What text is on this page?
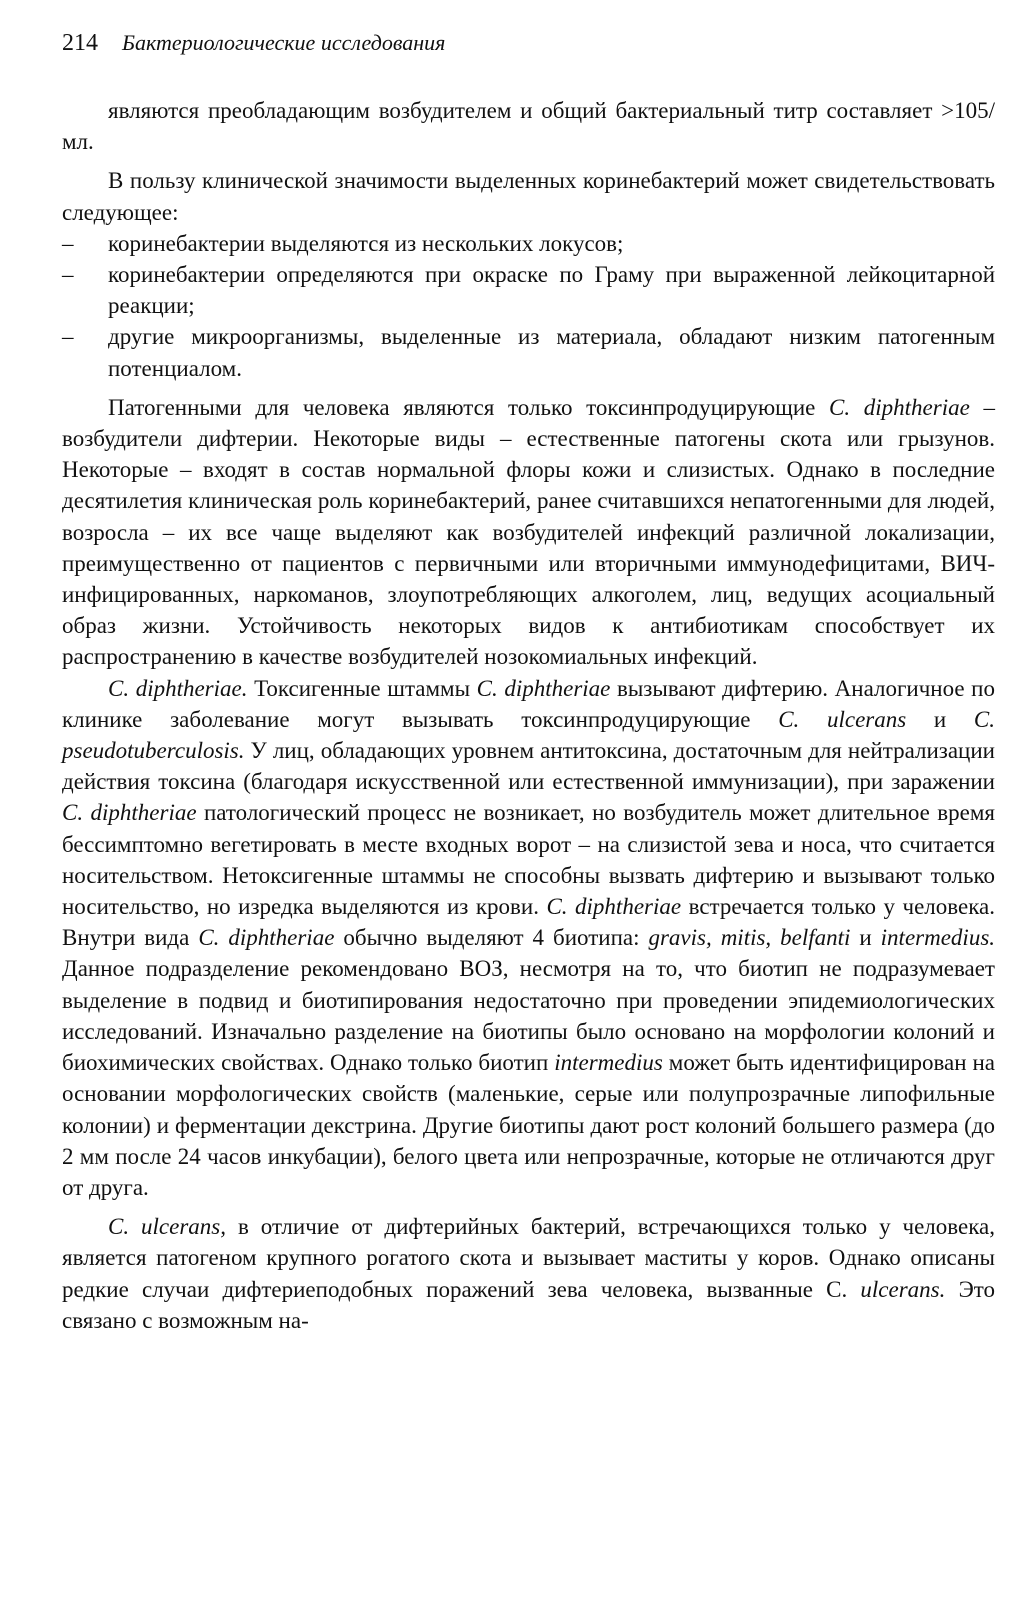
214 Бактериологические исследования

являются преобладающим возбудителем и общий бактериальный титр составляет >105/мл.

В пользу клинической значимости выделенных коринебактерий может свидетельствовать следующее:

– коринебактерии выделяются из нескольких локусов;
– коринебактерии определяются при окраске по Граму при выраженной лейкоцитарной реакции;
– другие микроорганизмы, выделенные из материала, обладают низким патогенным потенциалом.

Патогенными для человека являются только токсинпродуцирующие C. diphtheriae – возбудители дифтерии. Некоторые виды – естественные патогены скота или грызунов. Некоторые – входят в состав нормальной флоры кожи и слизистых. Однако в последние десятилетия клиническая роль коринебактерий, ранее считавшихся непатогенными для людей, возросла – их все чаще выделяют как возбудителей инфекций различной локализации, преимущественно от пациентов с первичными или вторичными иммунодефицитами, ВИЧ-инфицированных, наркоманов, злоупотребляющих алкоголем, лиц, ведущих асоциальный образ жизни. Устойчивость некоторых видов к антибиотикам способствует их распространению в качестве возбудителей нозокомиальных инфекций.

C. diphtheriae. Токсигенные штаммы C. diphtheriae вызывают дифтерию. Аналогичное по клинике заболевание могут вызывать токсинпродуцирующие C. ulcerans и C. pseudotuberculosis. У лиц, обладающих уровнем антитоксина, достаточным для нейтрализации действия токсина (благодаря искусственной или естественной иммунизации), при заражении C. diphtheriae патологический процесс не возникает, но возбудитель может длительное время бессимптомно вегетировать в месте входных ворот – на слизистой зева и носа, что считается носительством. Нетоксигенные штаммы не способны вызвать дифтерию и вызывают только носительство, но изредка выделяются из крови. C. diphtheriae встречается только у человека. Внутри вида C. diphtheriae обычно выделяют 4 биотипа: gravis, mitis, belfanti и intermedius. Данное подразделение рекомендовано ВОЗ, несмотря на то, что биотип не подразумевает выделение в подвид и биотипирования недостаточно при проведении эпидемиологических исследований. Изначально разделение на биотипы было основано на морфологии колоний и биохимических свойствах. Однако только биотип intermedius может быть идентифицирован на основании морфологических свойств (маленькие, серые или полупрозрачные липофильные колонии) и ферментации декстрина. Другие биотипы дают рост колоний большего размера (до 2 мм после 24 часов инкубации), белого цвета или непрозрачные, которые не отличаются друг от друга.

C. ulcerans, в отличие от дифтерийных бактерий, встречающихся только у человека, является патогеном крупного рогатого скота и вызывает маститы у коров. Однако описаны редкие случаи дифтериеподобных поражений зева человека, вызванные C. ulcerans. Это связано с возможным на-
